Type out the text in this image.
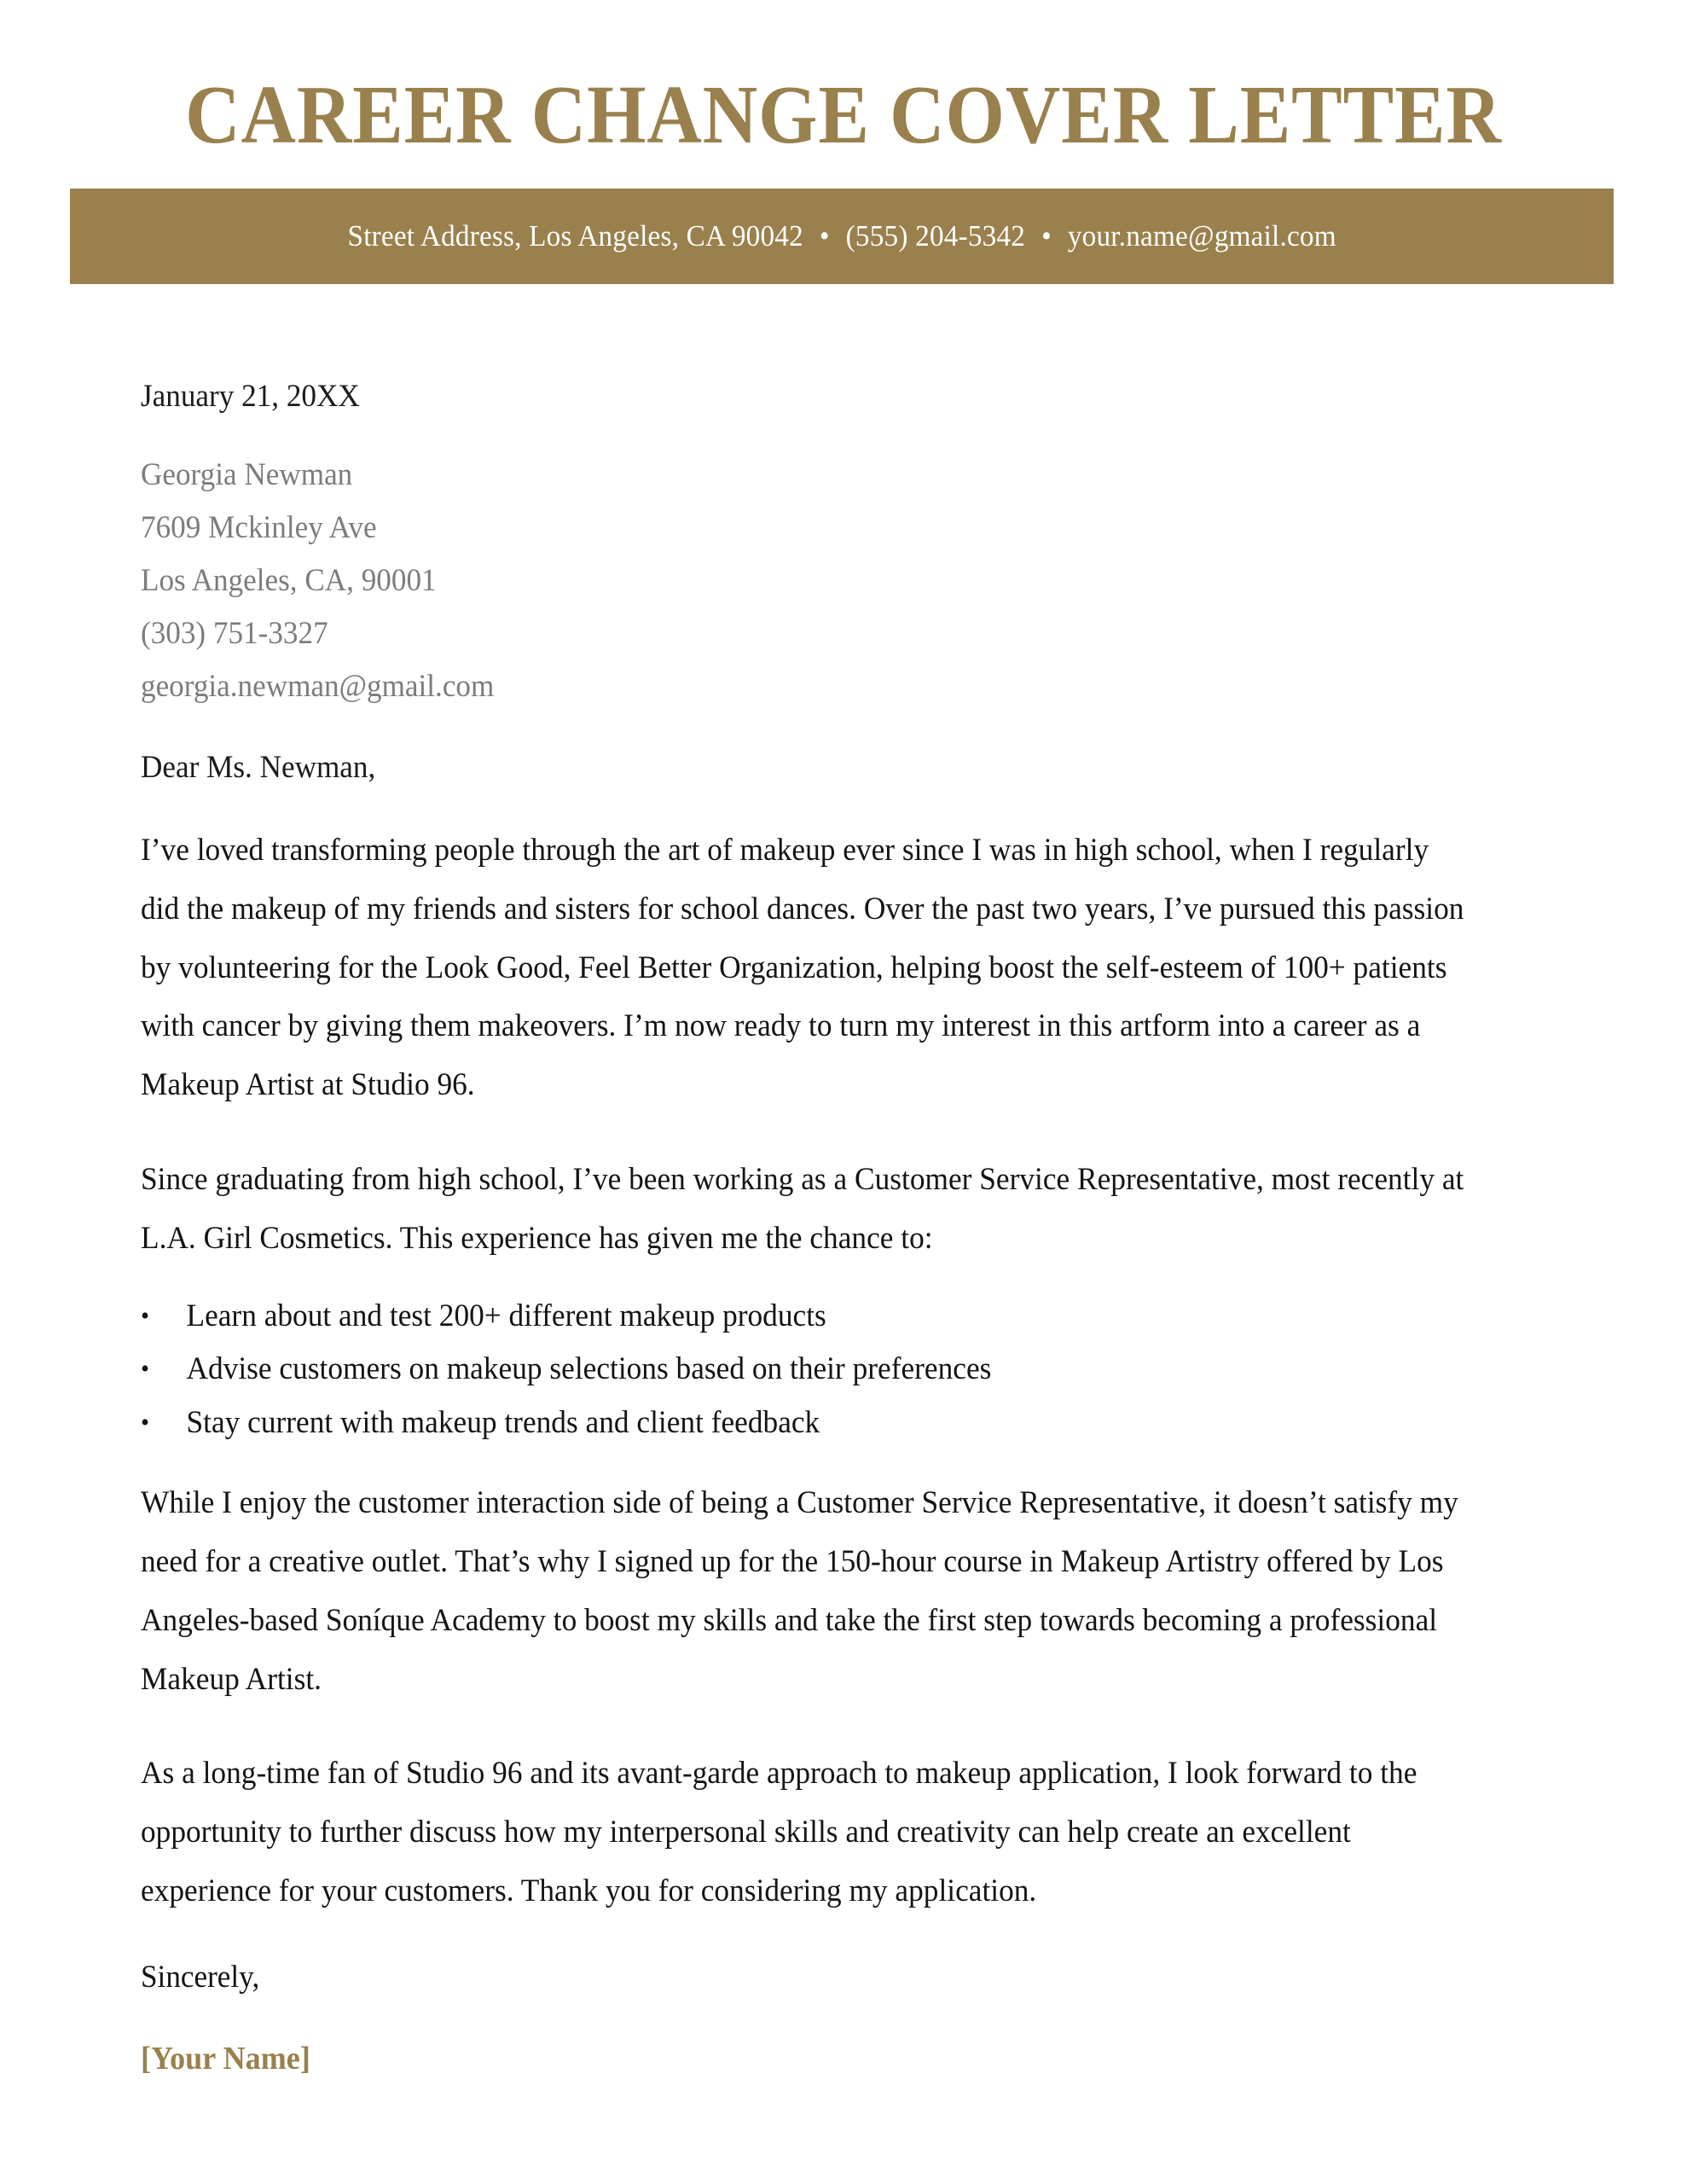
CAREER CHANGE COVER LETTER
Street Address, Los Angeles, CA 90042 • (555) 204-5342 • your.name@gmail.com
January 21, 20XX
Georgia Newman
7609 Mckinley Ave
Los Angeles, CA, 90001
(303) 751-3327
georgia.newman@gmail.com
Dear Ms. Newman,

I’ve loved transforming people through the art of makeup ever since I was in high school, when I regularly did the makeup of my friends and sisters for school dances. Over the past two years, I’ve pursued this passion by volunteering for the Look Good, Feel Better Organization, helping boost the self-esteem of 100+ patients with cancer by giving them makeovers. I’m now ready to turn my interest in this artform into a career as a Makeup Artist at Studio 96.

Since graduating from high school, I’ve been working as a Customer Service Representative, most recently at L.A. Girl Cosmetics. This experience has given me the chance to:

•	Learn about and test 200+ different makeup products
•	Advise customers on makeup selections based on their preferences
•	Stay current with makeup trends and client feedback

While I enjoy the customer interaction side of being a Customer Service Representative, it doesn’t satisfy my need for a creative outlet. That’s why I signed up for the 150-hour course in Makeup Artistry offered by Los Angeles-based Soníque Academy to boost my skills and take the first step towards becoming a professional Makeup Artist.

As a long-time fan of Studio 96 and its avant-garde approach to makeup application, I look forward to the opportunity to further discuss how my interpersonal skills and creativity can help create an excellent experience for your customers. Thank you for considering my application.

Sincerely,
[Your Name]
